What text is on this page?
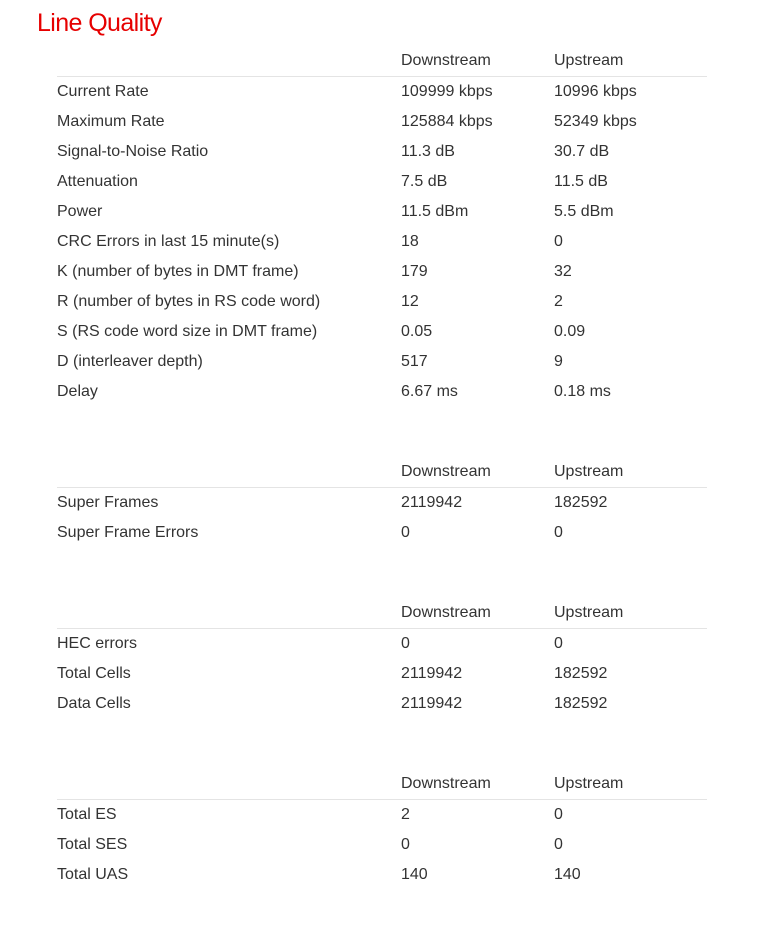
Line Quality
	Downstream	Upstream
Current Rate	109999 kbps	10996 kbps
Maximum Rate	125884 kbps	52349 kbps
Signal-to-Noise Ratio	11.3 dB	30.7 dB
Attenuation	7.5 dB	11.5 dB
Power	11.5 dBm	5.5 dBm
CRC Errors in last 15 minute(s)	18	0
K (number of bytes in DMT frame)	179	32
R (number of bytes in RS code word)	12	2
S (RS code word size in DMT frame)	0.05	0.09
D (interleaver depth)	517	9
Delay	6.67 ms	0.18 ms
	Downstream	Upstream
Super Frames	2119942	182592
Super Frame Errors	0	0
	Downstream	Upstream
HEC errors	0	0
Total Cells	2119942	182592
Data Cells	2119942	182592
	Downstream	Upstream
Total ES	2	0
Total SES	0	0
Total UAS	140	140
